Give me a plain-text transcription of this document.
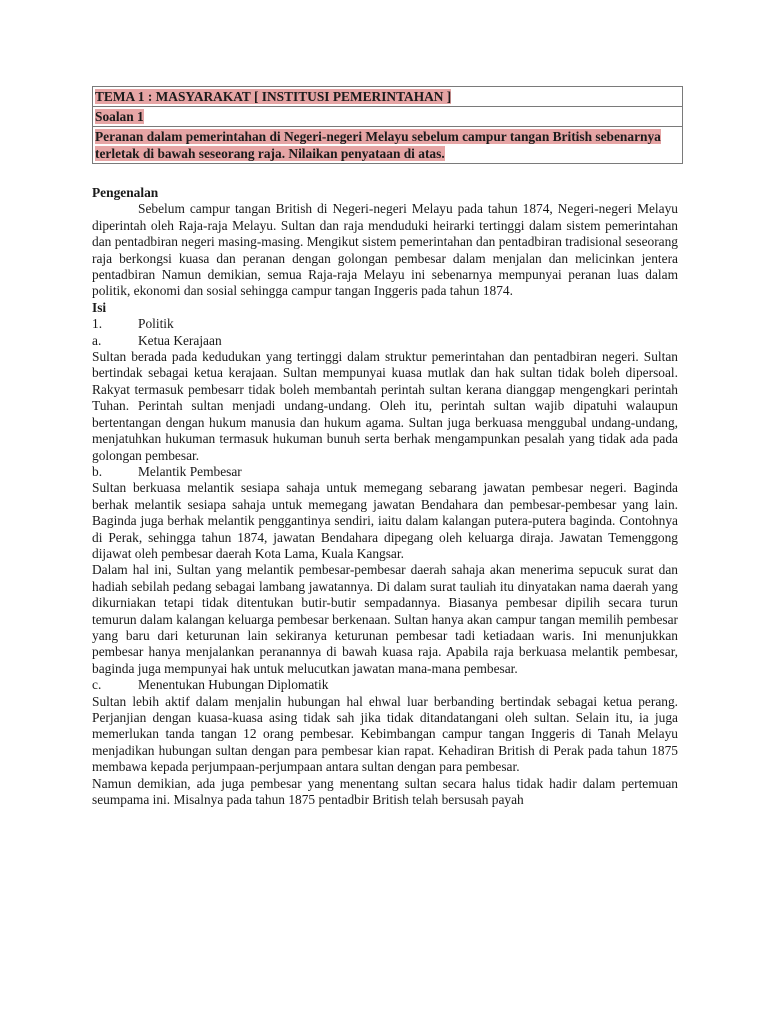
TEMA 1 : MASYARAKAT [ INSTITUSI PEMERINTAHAN ]
Soalan 1
Peranan dalam pemerintahan di Negeri-negeri Melayu sebelum campur tangan British sebenarnya terletak di bawah seseorang raja. Nilaikan penyataan di atas.

Pengenalan

Sebelum campur tangan British di Negeri-negeri Melayu pada tahun 1874, Negeri-negeri Melayu diperintah oleh Raja-raja Melayu. Sultan dan raja menduduki heirarki tertinggi dalam sistem pemerintahan dan pentadbiran negeri masing-masing. Mengikut sistem pemerintahan dan pentadbiran tradisional seseorang raja berkongsi kuasa dan peranan dengan golongan pembesar dalam menjalan dan melicinkan jentera pentadbiran Namun demikian, semua Raja-raja Melayu ini sebenarnya mempunyai peranan luas dalam politik, ekonomi dan sosial sehingga campur tangan Inggeris pada tahun 1874.

Isi

1.	Politik
a.	Ketua Kerajaan

Sultan berada pada kedudukan yang tertinggi dalam struktur pemerintahan dan pentadbiran negeri. Sultan bertindak sebagai ketua kerajaan. Sultan mempunyai kuasa mutlak dan hak sultan tidak boleh dipersoal. Rakyat termasuk pembesarr tidak boleh membantah perintah sultan kerana dianggap mengengkari perintah Tuhan. Perintah sultan menjadi undang-undang. Oleh itu, perintah sultan wajib dipatuhi walaupun bertentangan dengan hukum manusia dan hukum agama. Sultan juga berkuasa menggubal undang-undang, menjatuhkan hukuman termasuk hukuman bunuh serta berhak mengampunkan pesalah yang tidak ada pada golongan pembesar.

b.	Melantik Pembesar

Sultan berkuasa melantik sesiapa sahaja untuk memegang sebarang jawatan pembesar negeri. Baginda berhak melantik sesiapa sahaja untuk memegang jawatan Bendahara dan pembesar-pembesar yang lain. Baginda juga berhak melantik penggantinya sendiri, iaitu dalam kalangan putera-putera baginda. Contohnya di Perak, sehingga tahun 1874, jawatan Bendahara dipegang oleh keluarga diraja. Jawatan Temenggong dijawat oleh pembesar daerah Kota Lama, Kuala Kangsar.

Dalam hal ini, Sultan yang melantik pembesar-pembesar daerah sahaja akan menerima sepucuk surat dan hadiah sebilah pedang sebagai lambang jawatannya. Di dalam surat tauliah itu dinyatakan nama daerah yang dikurniakan tetapi tidak ditentukan butir-butir sempadannya. Biasanya pembesar dipilih secara turun temurun dalam kalangan keluarga pembesar berkenaan. Sultan hanya akan campur tangan memilih pembesar yang baru dari keturunan lain sekiranya keturunan pembesar tadi ketiadaan waris. Ini menunjukkan pembesar hanya menjalankan peranannya di bawah kuasa raja. Apabila raja berkuasa melantik pembesar, baginda juga mempunyai hak untuk melucutkan jawatan mana-mana pembesar.

c.	Menentukan Hubungan Diplomatik

Sultan lebih aktif dalam menjalin hubungan hal ehwal luar berbanding bertindak sebagai ketua perang. Perjanjian dengan kuasa-kuasa asing tidak sah jika tidak ditandatangani oleh sultan. Selain itu, ia juga memerlukan tanda tangan 12 orang pembesar. Kebimbangan campur tangan Inggeris di Tanah Melayu menjadikan hubungan sultan dengan para pembesar kian rapat. Kehadiran British di Perak pada tahun 1875 membawa kepada perjumpaan-perjumpaan antara sultan dengan para pembesar.

Namun demikian, ada juga pembesar yang menentang sultan secara halus tidak hadir dalam pertemuan seumpama ini. Misalnya pada tahun 1875 pentadbir British telah bersusah payah
